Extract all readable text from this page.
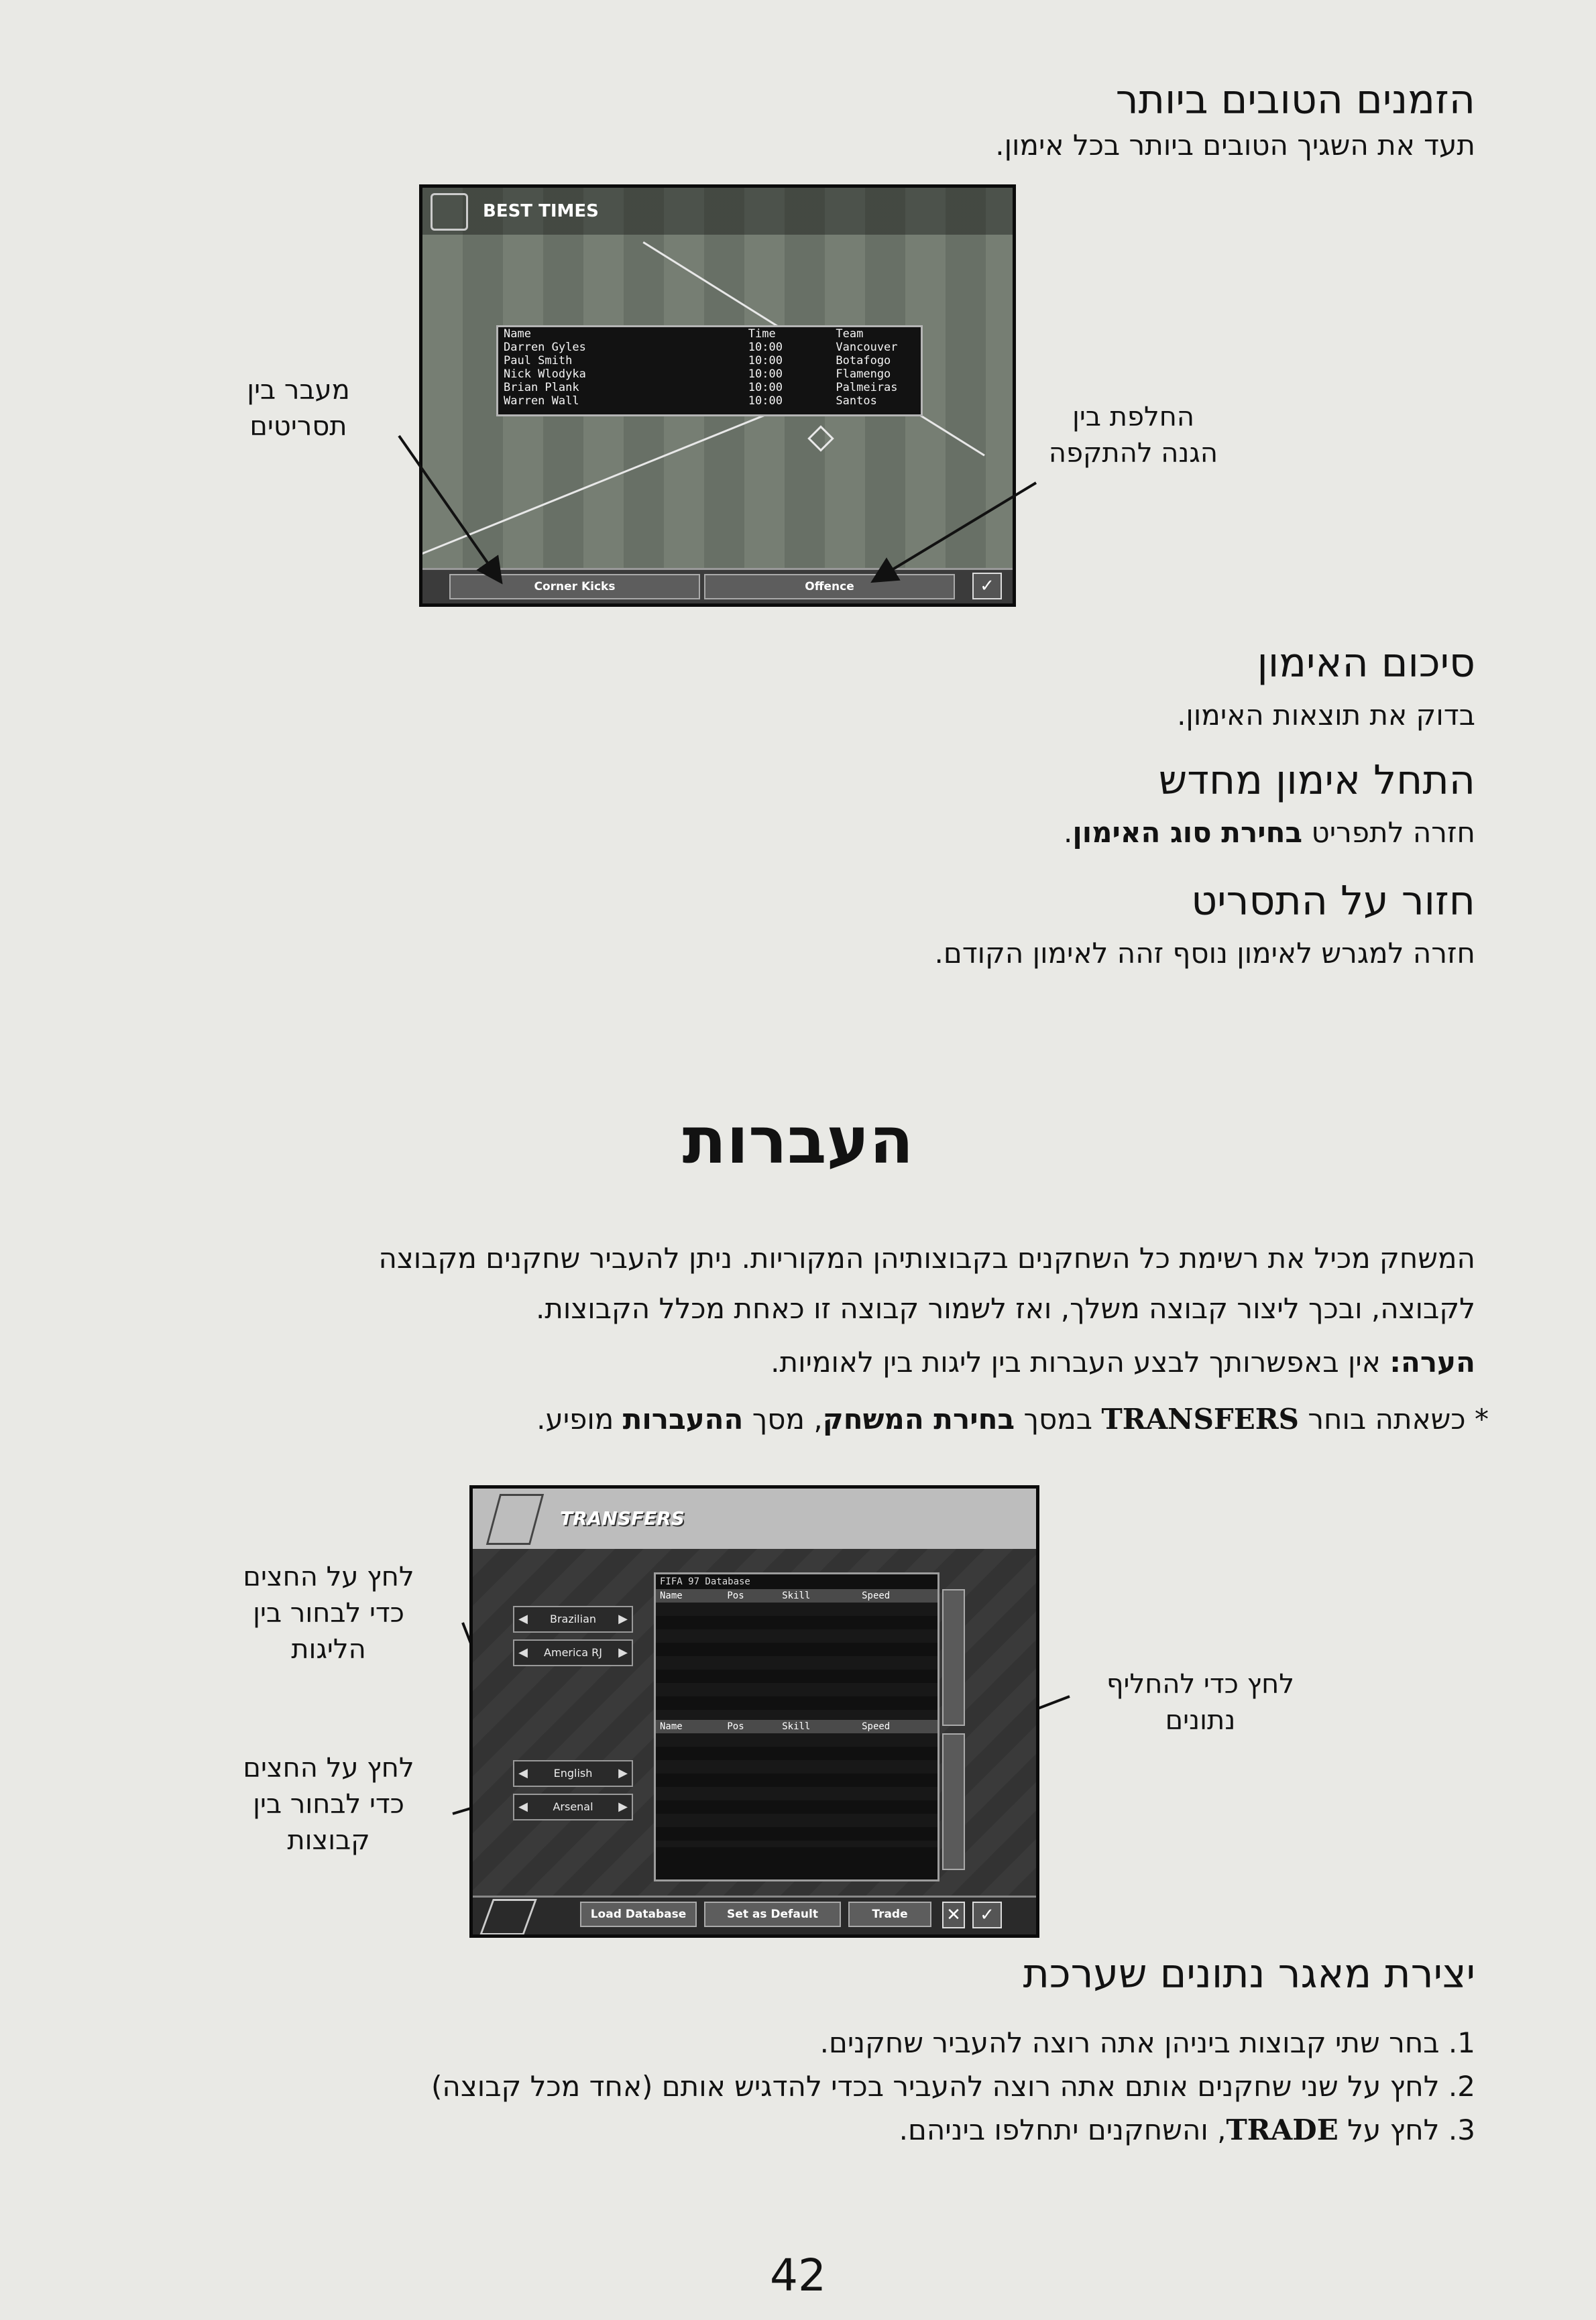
הזמנים הטובים ביותר
תעד את השגיך הטובים ביותר בכל אימון.
BEST TIMES
Name	Time	Team
Darren Gyles	10:00	Vancouver
Paul Smith	10:00	Botafogo
Nick Wlodyka	10:00	Flamengo
Brian Plank	10:00	Palmeiras
Warren Wall	10:00	Santos
Corner Kicks	Offence	✓
מעבר בין
תסריטים	החלפת בין
הגנה להתקפה
סיכום האימון
בדוק את תוצאות האימון.
התחל אימון מחדש
חזרה לתפריט בחירת סוג האימון.
חזור על התסריט
חזרה למגרש לאימון נוסף זהה לאימון הקודם.
העברות
המשחק מכיל את רשימת כל השחקנים בקבוצותיהן המקוריות. ניתן להעביר שחקנים מקבוצה
לקבוצה, ובכך ליצור קבוצה משלך, ואז לשמור קבוצה זו כאחת מכלל הקבוצות.
הערה: אין באפשרותך לבצע העברות בין ליגות בין לאומיות.
* כשאתה בוחר TRANSFERS במסך בחירת המשחק, מסך ההעברות מופיע.
TRANSFERS
◀	Brazilian	▶
◀	America RJ	▶
◀	English	▶
◀	Arsenal	▶
FIFA 97 Database
Name	Pos	Skill	Speed
Name	Pos	Skill	Speed
Load Database	Set as Default	Trade	✕	✓
לחץ על החצים
כדי לבחור בין
הליגות
לחץ על החצים
כדי לבחור בין
קבוצות
לחץ כדי להחליף
נתונים
יצירת מאגר נתונים שערכת
1. בחר שתי קבוצות ביניהן אתה רוצה להעביר שחקנים.
2. לחץ על שני שחקנים אותם אתה רוצה להעביר בכדי להדגיש אותם (אחד מכל קבוצה)
3. לחץ על TRADE, והשחקנים יתחלפו ביניהם.
42
